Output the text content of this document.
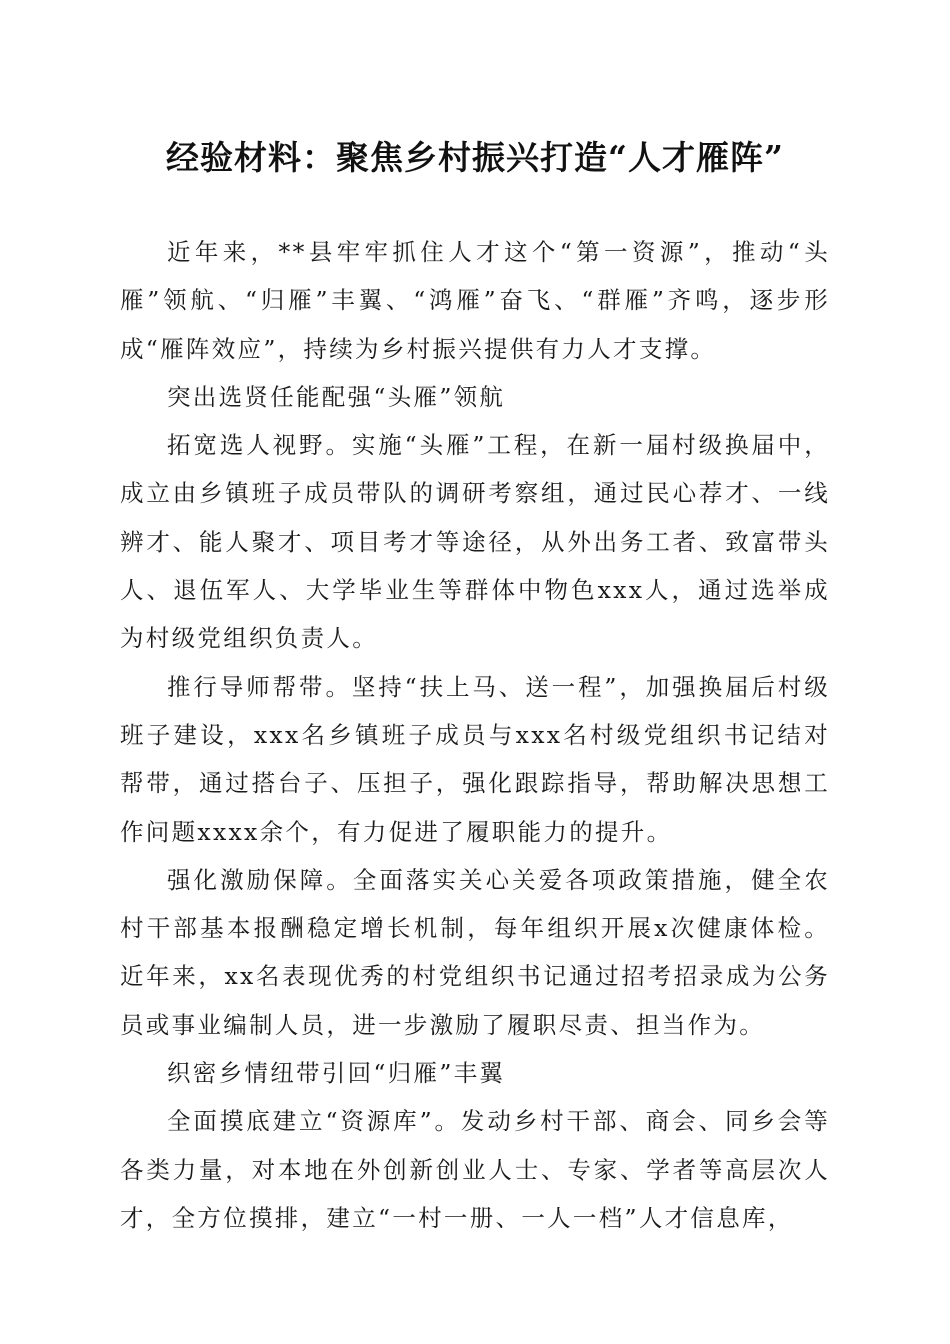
经验材料：聚焦乡村振兴打造“人才雁阵”

近年来，**县牢牢抓住人才这个“第一资源”，推动“头雁”领航、“归雁”丰翼、“鸿雁”奋飞、“群雁”齐鸣，逐步形成“雁阵效应”，持续为乡村振兴提供有力人才支撑。

突出选贤任能配强“头雁”领航

拓宽选人视野。实施“头雁”工程，在新一届村级换届中，成立由乡镇班子成员带队的调研考察组，通过民心荐才、一线辨才、能人聚才、项目考才等途径，从外出务工者、致富带头人、退伍军人、大学毕业生等群体中物色xxx人，通过选举成为村级党组织负责人。

推行导师帮带。坚持“扶上马、送一程”，加强换届后村级班子建设，xxx名乡镇班子成员与xxx名村级党组织书记结对帮带，通过搭台子、压担子，强化跟踪指导，帮助解决思想工作问题xxxx余个，有力促进了履职能力的提升。

强化激励保障。全面落实关心关爱各项政策措施，健全农村干部基本报酬稳定增长机制，每年组织开展x次健康体检。近年来，xx名表现优秀的村党组织书记通过招考招录成为公务员或事业编制人员，进一步激励了履职尽责、担当作为。

织密乡情纽带引回“归雁”丰翼

全面摸底建立“资源库”。发动乡村干部、商会、同乡会等各类力量，对本地在外创新创业人士、专家、学者等高层次人才，全方位摸排，建立“一村一册、一人一档”人才信息库，
